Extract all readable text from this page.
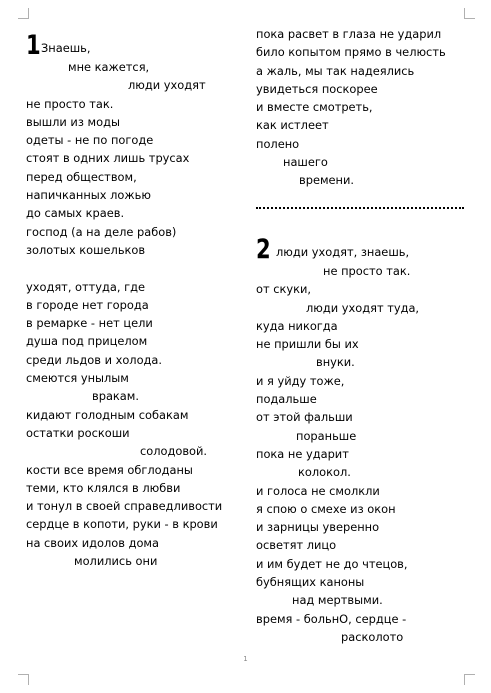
1 Знаешь,
мне кажется,
люди уходят
не просто так.
вышли из моды
одеты - не по погоде
стоят в одних лишь трусах
перед обществом,
напичканных ложью
до самых краев.
господ (а на деле рабов)
золотых кошельков
уходят, оттуда, где
в городе нет города
в ремарке - нет цели
душа под прицелом
среди льдов и холода.
смеются унылым
вракам.
кидают голодным собакам
остатки роскоши
солодовой.
кости все время обглоданы
теми, кто клялся в любви
и тонул в своей справедливости
сердце в копоти, руки - в крови
на своих идолов дома
молились они
пока расвет в глаза не ударил
било копытом прямо в челюсть
а жаль, мы так надеялись
увидеться поскорее
и вместе смотреть,
как истлеет
полено
нашего
времени.
2 люди уходят, знаешь,
не просто так.
от скуки,
люди уходят туда,
куда никогда
не пришли бы их
внуки.
и я уйду тоже,
подальше
от этой фальши
пораньше
пока не ударит
колокол.
и голоса не смолкли
я спою о смехе из окон
и зарницы уверенно
осветят лицо
и им будет не до чтецов,
бубнящих каноны
над мертвыми.
время - больнО, сердце -
расколото
1
